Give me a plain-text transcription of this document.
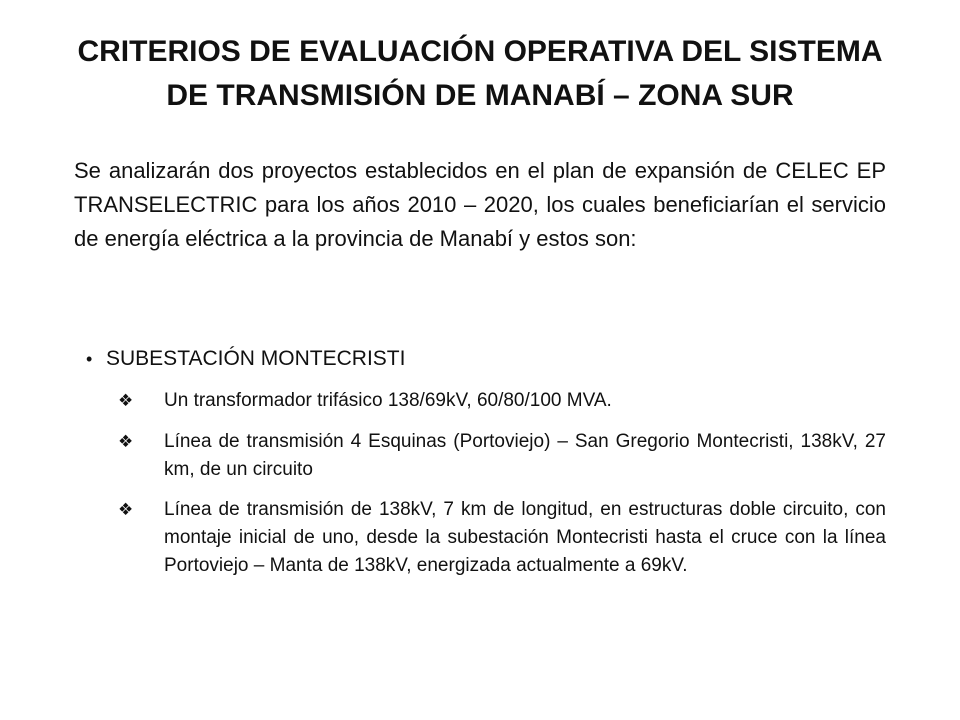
CRITERIOS DE EVALUACIÓN OPERATIVA DEL SISTEMA DE TRANSMISIÓN DE MANABÍ – ZONA SUR
Se analizarán dos proyectos establecidos en el plan de expansión de CELEC EP TRANSELECTRIC para los años 2010 – 2020, los cuales beneficiarían el servicio de energía eléctrica a la provincia de Manabí y estos son:
• SUBESTACIÓN MONTECRISTI
❖ Un transformador trifásico 138/69kV, 60/80/100 MVA.
❖ Línea de transmisión 4 Esquinas (Portoviejo) – San Gregorio Montecristi, 138kV, 27 km, de un circuito
❖ Línea de transmisión de 138kV, 7 km de longitud, en estructuras doble circuito, con montaje inicial de uno, desde la subestación Montecristi hasta el cruce con la línea Portoviejo – Manta de 138kV, energizada actualmente a 69kV.
